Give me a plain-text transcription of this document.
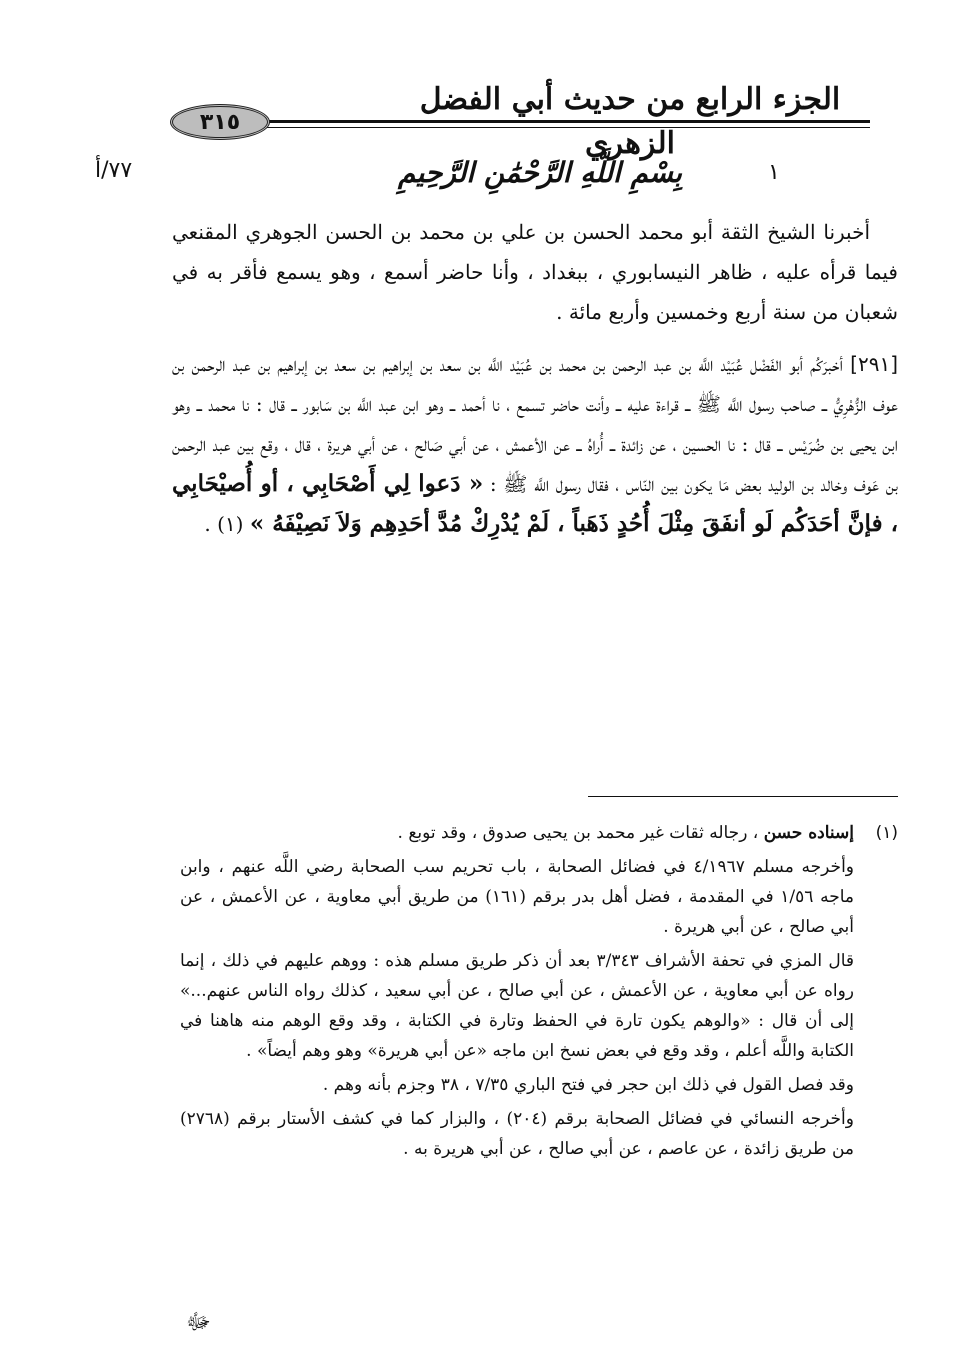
الجزء الرابع من حديث أبي الفضل الزهري
٣١٥
٧٧/أ	١
بِسْمِ اللَّهِ الرَّحْمَٰنِ الرَّحِيمِ

أخبرنا الشيخ الثقة أبو محمد الحسن بن علي بن محمد بن الحسن الجوهري المقنعي فيما قرأه عليه ، ظاهر النيسابوري ، ببغداد ، وأنا حاضر أسمع ، وهو يسمع فأقر به في شعبان من سنة أربع وخمسين وأربع مائة .

[٢٩١] أخبرَكُم أبو الفَضْل عُبَيْد اللَّه بن عبد الرحمن بن محمد بن عُبَيْد اللَّه بن سعد بن إبراهيم بن سعد بن إبراهيم بن عبد الرحمن بن عوف الزُّهْرِيُّ ــ صاحب رسول اللَّه ﷺ ــ قراءة عليه ــ وأنت حاضر تسمع ، نا أحمد ــ وهو ابن عبد اللَّه بن سَابور ــ قال : نا محمد ــ وهو ابن يحيى بن ضُرَيْس ــ قال : نا الحسين ، عن زائدة ــ أُراهُ ــ عن الأعمش ، عن أبي صَالح ، عن أبي هريرة ، قال ، وقع بين عبد الرحمن بن عَوف وخالد بن الوليد بعض مَا يكون بين النّاس ، فقال رسول اللَّه ﷺ : « دَعوا لِي أَصْحَابِي ، أو أُصيْحَابِي ، فإنَّ أحَدَكُم لَو أنفَقَ مِثْلَ أُحُدٍ ذَهَباً ، لَمْ يُدْرِكْ مُدَّ أحَدِهِم وَلاَ نَصِيْفَهُ » (١) .

(١)
إسناده حسن ، رجاله ثقات غير محمد بن يحيى صدوق ، وقد توبع .

وأخرجه مسلم ٤/١٩٦٧ في فضائل الصحابة ، باب تحريم سب الصحابة رضي اللَّه عنهم ، وابن ماجه ١/٥٦ في المقدمة ، فضل أهل بدر برقم (١٦١) من طريق أبي معاوية ، عن الأعمش ، عن أبي صالح ، عن أبي هريرة .

قال المزي في تحفة الأشراف ٣/٣٤٣ بعد أن ذكر طريق مسلم هذه : ووهم عليهم في ذلك ، إنما رواه عن أبي معاوية ، عن الأعمش ، عن أبي صالح ، عن أبي سعيد ، كذلك رواه الناس عنهم...» إلى أن قال : «والوهم يكون تارة في الحفظ وتارة في الكتابة ، وقد وقع الوهم منه هاهنا في الكتابة واللَّه أعلم ، وقد وقع في بعض نسخ ابن ماجه «عن أبي هريرة» وهو وهم أيضاً» .

وقد فصل القول في ذلك ابن حجر في فتح الباري ٧/٣٥ ، ٣٨ وجزم بأنه وهم .

وأخرجه النسائي في فضائل الصحابة برقم (٢٠٤) ، والبزار كما في كشف الأستار برقم (٢٧٦٨) من طريق زائدة ، عن عاصم ، عن أبي صالح ، عن أبي هريرة به .

ﷻ
